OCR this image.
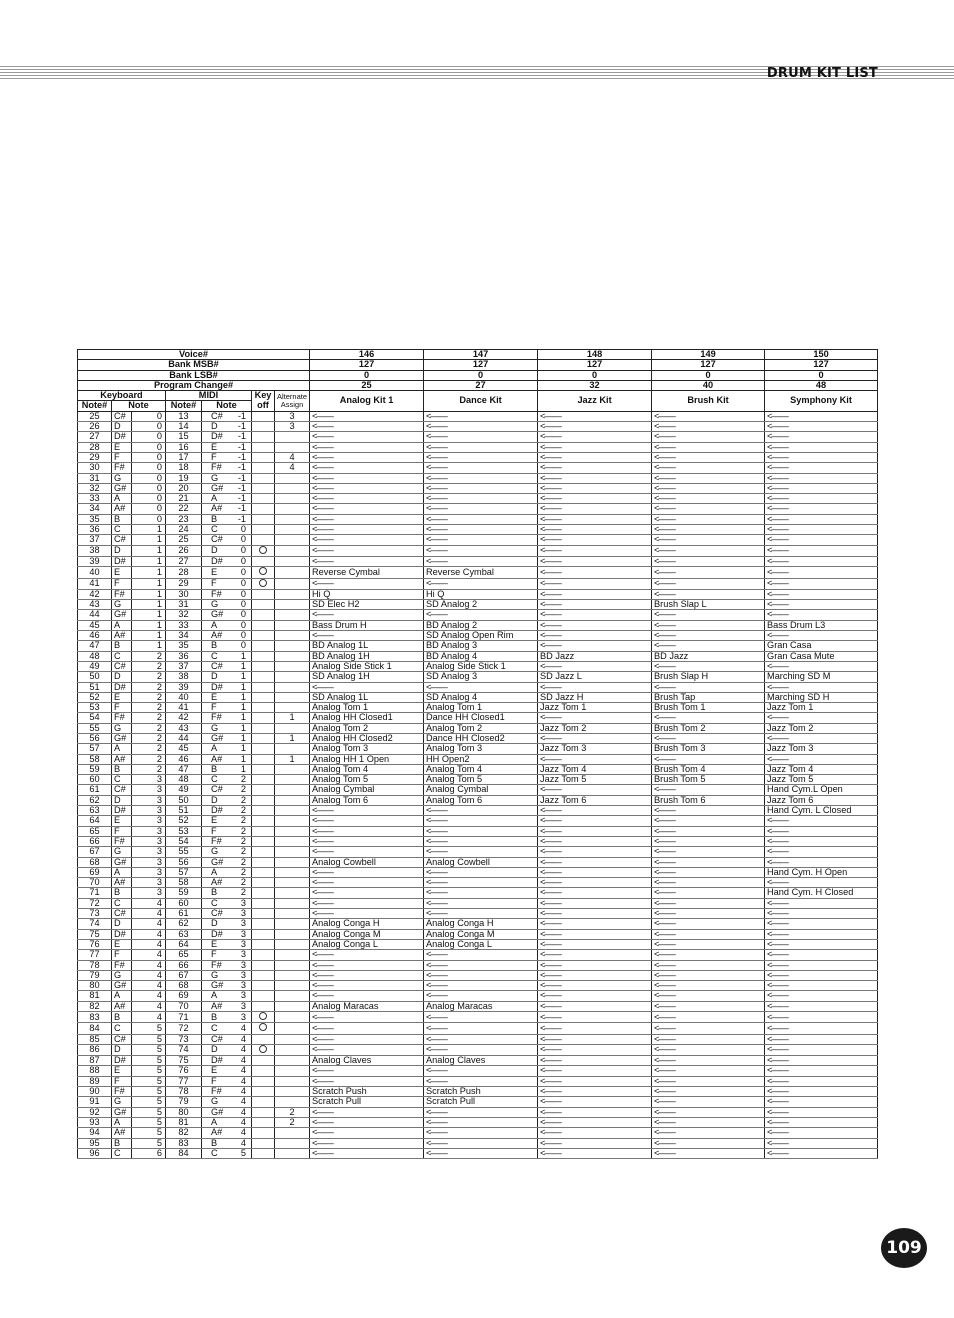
DRUM KIT LIST
Voice#							146	147	148	149	150
Bank MSB#							127	127	127	127	127
Bank LSB#							0	0	0	0	0
Program Change#							25	27	32	40	48
Keyboard			MIDI		Key off	Alternate Assign	Analog Kit 1	Dance Kit	Jazz Kit	Brush Kit	Symphony Kit
Note#	Note		Note#	Note							
25	C#	0	13	C# -1		3	<——	<——	<——	<——	<——
26	D	0	14	D -1		3	<——	<——	<——	<——	<——
27	D#	0	15	D# -1			<——	<——	<——	<——	<——
28	E	0	16	E -1			<——	<——	<——	<——	<——
29	F	0	17	F -1		4	<——	<——	<——	<——	<——
30	F#	0	18	F# -1		4	<——	<——	<——	<——	<——
31	G	0	19	G -1			<——	<——	<——	<——	<——
32	G#	0	20	G# -1			<——	<——	<——	<——	<——
33	A	0	21	A -1			<——	<——	<——	<——	<——
34	A#	0	22	A# -1			<——	<——	<——	<——	<——
35	B	0	23	B -1			<——	<——	<——	<——	<——
36	C	1	24	C 0			<——	<——	<——	<——	<——
37	C#	1	25	C# 0			<——	<——	<——	<——	<——
38	D	1	26	D 0			<——	<——	<——	<——	<——
39	D#	1	27	D# 0			<——	<——	<——	<——	<——
40	E	1	28	E 0			Reverse Cymbal	Reverse Cymbal	<——	<——	<——
41	F	1	29	F 0			<——	<——	<——	<——	<——
42	F#	1	30	F# 0			Hi Q	Hi Q	<——	<——	<——
43	G	1	31	G 0			SD Elec H2	SD Analog 2	<——	Brush Slap L	<——
44	G#	1	32	G# 0			<——	<——	<——	<——	<——
45	A	1	33	A 0			Bass Drum H	BD Analog 2	<——	<——	Bass Drum L3
46	A#	1	34	A# 0			<——	SD Analog Open Rim	<——	<——	<——
47	B	1	35	B 0			BD Analog 1L	BD Analog 3	<——	<——	Gran Casa
48	C	2	36	C 1			BD Analog 1H	BD Analog 4	BD Jazz	BD Jazz	Gran Casa Mute
49	C#	2	37	C# 1			Analog Side Stick 1	Analog Side Stick 1	<——	<——	<——
50	D	2	38	D 1			SD Analog 1H	SD Analog 3	SD Jazz L	Brush Slap H	Marching SD M
51	D#	2	39	D# 1			<——	<——	<——	<——	<——
52	E	2	40	E 1			SD Analog 1L	SD Analog 4	SD Jazz H	Brush Tap	Marching SD H
53	F	2	41	F 1			Analog Tom 1	Analog Tom 1	Jazz Tom 1	Brush Tom 1	Jazz Tom 1
54	F#	2	42	F# 1		1	Analog HH Closed1	Dance HH Closed1	<——	<——	<——
55	G	2	43	G 1			Analog Tom 2	Analog Tom 2	Jazz Tom 2	Brush Tom 2	Jazz Tom 2
56	G#	2	44	G# 1		1	Analog HH Closed2	Dance HH Closed2	<——	<——	<——
57	A	2	45	A 1			Analog Tom 3	Analog Tom 3	Jazz Tom 3	Brush Tom 3	Jazz Tom 3
58	A#	2	46	A# 1		1	Analog HH 1 Open	HH Open2	<——	<——	<——
59	B	2	47	B 1			Analog Tom 4	Analog Tom 4	Jazz Tom 4	Brush Tom 4	Jazz Tom 4
60	C	3	48	C 2			Analog Tom 5	Analog Tom 5	Jazz Tom 5	Brush Tom 5	Jazz Tom 5
61	C#	3	49	C# 2			Analog Cymbal	Analog Cymbal	<——	<——	Hand Cym.L Open
62	D	3	50	D 2			Analog Tom 6	Analog Tom 6	Jazz Tom 6	Brush Tom 6	Jazz Tom 6
63	D#	3	51	D# 2			<——	<——	<——	<——	Hand Cym. L Closed
64	E	3	52	E 2			<——	<——	<——	<——	<——
65	F	3	53	F 2			<——	<——	<——	<——	<——
66	F#	3	54	F# 2			<——	<——	<——	<——	<——
67	G	3	55	G 2			<——	<——	<——	<——	<——
68	G#	3	56	G# 2			Analog Cowbell	Analog Cowbell	<——	<——	<——
69	A	3	57	A 2			<——	<——	<——	<——	Hand Cym. H Open
70	A#	3	58	A# 2			<——	<——	<——	<——	<——
71	B	3	59	B 2			<——	<——	<——	<——	Hand Cym. H Closed
72	C	4	60	C 3			<——	<——	<——	<——	<——
73	C#	4	61	C# 3			<——	<——	<——	<——	<——
74	D	4	62	D 3			Analog Conga H	Analog Conga H	<——	<——	<——
75	D#	4	63	D# 3			Analog Conga M	Analog Conga M	<——	<——	<——
76	E	4	64	E 3			Analog Conga L	Analog Conga L	<——	<——	<——
77	F	4	65	F 3			<——	<——	<——	<——	<——
78	F#	4	66	F# 3			<——	<——	<——	<——	<——
79	G	4	67	G 3			<——	<——	<——	<——	<——
80	G#	4	68	G# 3			<——	<——	<——	<——	<——
81	A	4	69	A 3			<——	<——	<——	<——	<——
82	A#	4	70	A# 3			Analog Maracas	Analog Maracas	<——	<——	<——
83	B	4	71	B 3			<——	<——	<——	<——	<——
84	C	5	72	C 4			<——	<——	<——	<——	<——
85	C#	5	73	C# 4			<——	<——	<——	<——	<——
86	D	5	74	D 4			<——	<——	<——	<——	<——
87	D#	5	75	D# 4			Analog Claves	Analog Claves	<——	<——	<——
88	E	5	76	E 4			<——	<——	<——	<——	<——
89	F	5	77	F 4			<——	<——	<——	<——	<——
90	F#	5	78	F# 4			Scratch Push	Scratch Push	<——	<——	<——
91	G	5	79	G 4			Scratch Pull	Scratch Pull	<——	<——	<——
92	G#	5	80	G# 4		2	<——	<——	<——	<——	<——
93	A	5	81	A 4		2	<——	<——	<——	<——	<——
94	A#	5	82	A# 4			<——	<——	<——	<——	<——
95	B	5	83	B 4			<——	<——	<——	<——	<——
96	C	6	84	C 5			<——	<——	<——	<——	<——
109
